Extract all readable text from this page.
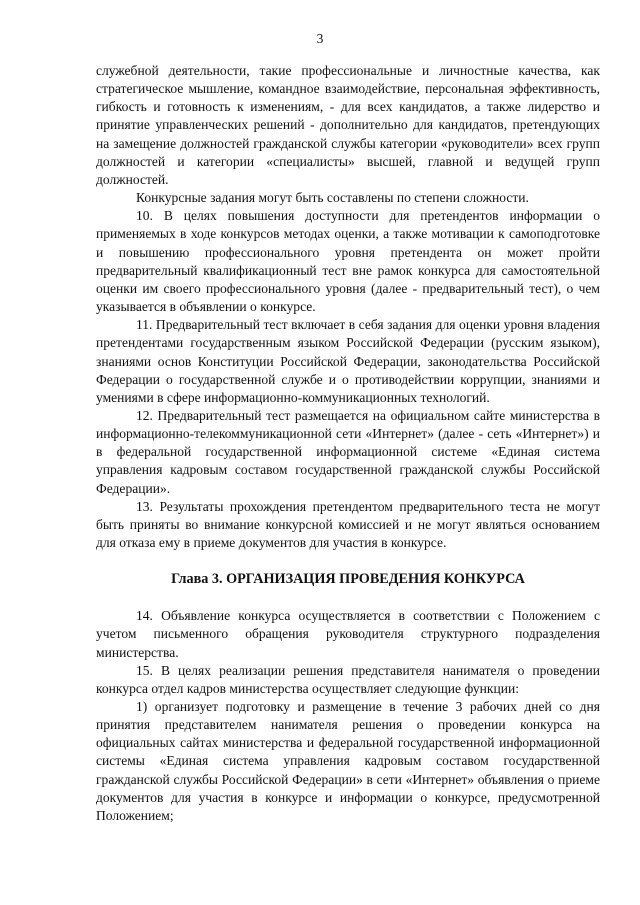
3

служебной деятельности, такие профессиональные и личностные качества, как стратегическое мышление, командное взаимодействие, персональная эффективность, гибкость и готовность к изменениям, - для всех кандидатов, а также лидерство и принятие управленческих решений - дополнительно для кандидатов, претендующих на замещение должностей гражданской службы категории «руководители» всех групп должностей и категории «специалисты» высшей, главной и ведущей групп должностей.

Конкурсные задания могут быть составлены по степени сложности.

10. В целях повышения доступности для претендентов информации о применяемых в ходе конкурсов методах оценки, а также мотивации к самоподготовке и повышению профессионального уровня претендента он может пройти предварительный квалификационный тест вне рамок конкурса для самостоятельной оценки им своего профессионального уровня (далее - предварительный тест), о чем указывается в объявлении о конкурсе.

11. Предварительный тест включает в себя задания для оценки уровня владения претендентами государственным языком Российской Федерации (русским языком), знаниями основ Конституции Российской Федерации, законодательства Российской Федерации о государственной службе и о противодействии коррупции, знаниями и умениями в сфере информационно-коммуникационных технологий.

12. Предварительный тест размещается на официальном сайте министерства в информационно-телекоммуникационной сети «Интернет» (далее - сеть «Интернет») и в федеральной государственной информационной системе «Единая система управления кадровым составом государственной гражданской службы Российской Федерации».

13. Результаты прохождения претендентом предварительного теста не могут быть приняты во внимание конкурсной комиссией и не могут являться основанием для отказа ему в приеме документов для участия в конкурсе.

Глава 3. ОРГАНИЗАЦИЯ ПРОВЕДЕНИЯ КОНКУРСА

14. Объявление конкурса осуществляется в соответствии с Положением с учетом письменного обращения руководителя структурного подразделения министерства.

15. В целях реализации решения представителя нанимателя о проведении конкурса отдел кадров министерства осуществляет следующие функции:

1) организует подготовку и размещение в течение 3 рабочих дней со дня принятия представителем нанимателя решения о проведении конкурса на официальных сайтах министерства и федеральной государственной информационной системы «Единая система управления кадровым составом государственной гражданской службы Российской Федерации» в сети «Интернет» объявления о приеме документов для участия в конкурсе и информации о конкурсе, предусмотренной Положением;
